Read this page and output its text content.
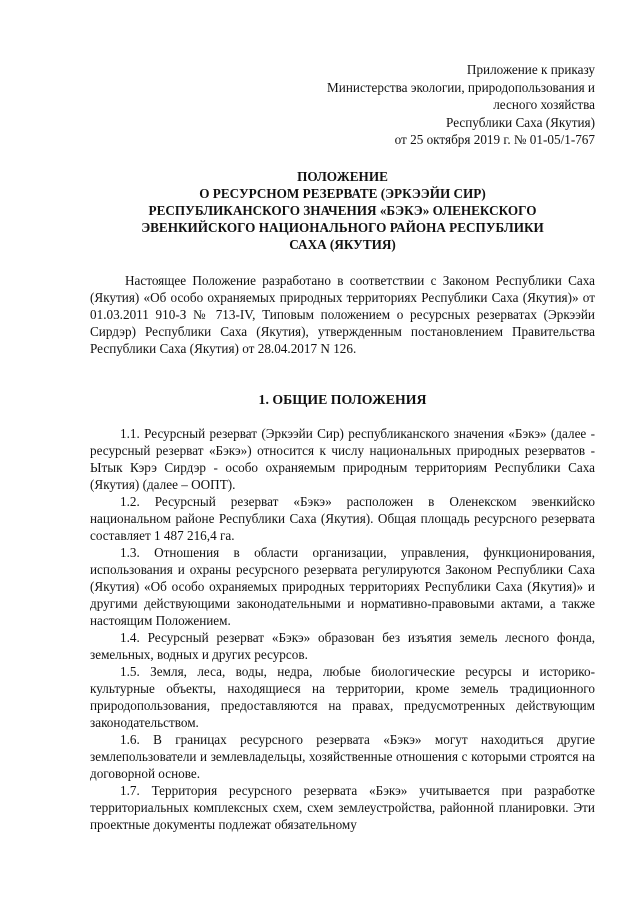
Приложение к приказу
Министерства экологии, природопользования и
лесного хозяйства
Республики Саха (Якутия)
от 25 октября 2019 г. № 01-05/1-767
ПОЛОЖЕНИЕ
О РЕСУРСНОМ РЕЗЕРВАТЕ (ЭРКЭЭЙИ СИР)
РЕСПУБЛИКАНСКОГО ЗНАЧЕНИЯ «БЭКЭ» ОЛЕНЕКСКОГО
ЭВЕНКИЙСКОГО НАЦИОНАЛЬНОГО РАЙОНА РЕСПУБЛИКИ
САХА (ЯКУТИЯ)
Настоящее Положение разработано в соответствии с Законом Республики Саха (Якутия) «Об особо охраняемых природных территориях Республики Саха (Якутия)» от 01.03.2011 910-З № 713-IV, Типовым положением о ресурсных резерватах (Эркээйи Сирдэр) Республики Саха (Якутия), утвержденным постановлением Правительства Республики Саха (Якутия) от 28.04.2017 N 126.
1. ОБЩИЕ ПОЛОЖЕНИЯ
1.1. Ресурсный резерват (Эркээйи Сир) республиканского значения «Бэкэ» (далее - ресурсный резерват «Бэкэ») относится к числу национальных природных резерватов - Ытык Кэрэ Сирдэр - особо охраняемым природным территориям Республики Саха (Якутия) (далее – ООПТ).
1.2. Ресурсный резерват «Бэкэ» расположен в Оленекском эвенкийско национальном районе Республики Саха (Якутия). Общая площадь ресурсного резервата составляет 1 487 216,4 га.
1.3. Отношения в области организации, управления, функционирования, использования и охраны ресурсного резервата регулируются Законом Республики Саха (Якутия) «Об особо охраняемых природных территориях Республики Саха (Якутия)» и другими действующими законодательными и нормативно-правовыми актами, а также настоящим Положением.
1.4. Ресурсный резерват «Бэкэ» образован без изъятия земель лесного фонда, земельных, водных и других ресурсов.
1.5. Земля, леса, воды, недра, любые биологические ресурсы и историко-культурные объекты, находящиеся на территории, кроме земель традиционного природопользования, предоставляются на правах, предусмотренных действующим законодательством.
1.6. В границах ресурсного резервата «Бэкэ» могут находиться другие землепользователи и землевладельцы, хозяйственные отношения с которыми строятся на договорной основе.
1.7. Территория ресурсного резервата «Бэкэ» учитывается при разработке территориальных комплексных схем, схем землеустройства, районной планировки. Эти проектные документы подлежат обязательному
